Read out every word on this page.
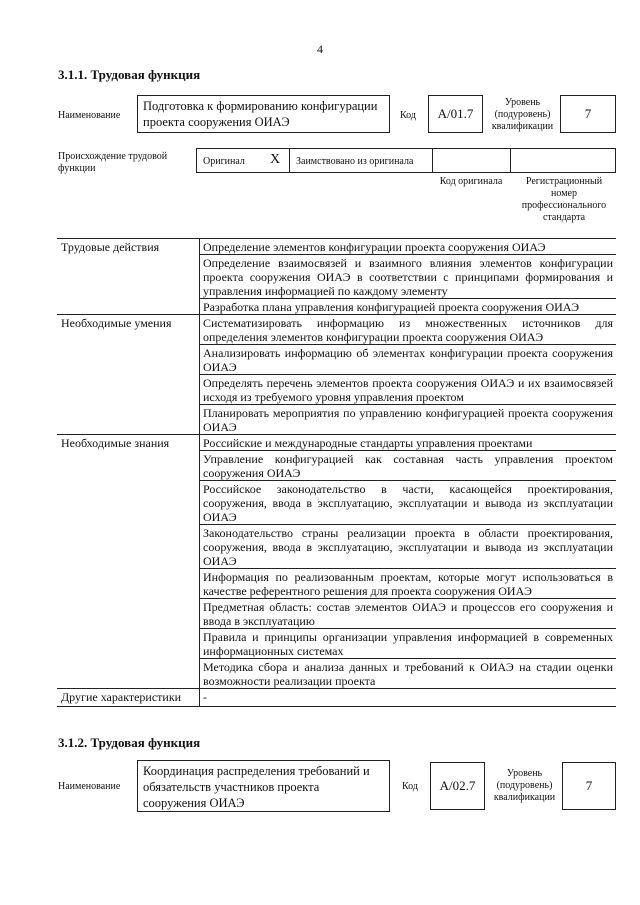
4
3.1.1. Трудовая функция
Наименование
Подготовка к формированию конфигурации проекта сооружения ОИАЭ	Код А/01.7
Уровень (подуровень) квалификации
7
Происхождение трудовой функции
Оригинал X Заимствовано из оригинала
Код оригинала	Регистрационный номер профессионального стандарта
Трудовые действия	Определение элементов конфигурации проекта сооружения ОИАЭ
	Определение взаимосвязей и взаимного влияния элементов конфигурации проекта сооружения ОИАЭ в соответствии с принципами формирования и управления информацией по каждому элементу
	Разработка плана управления конфигурацией проекта сооружения ОИАЭ
Необходимые умения	Систематизировать информацию из множественных источников для определения элементов конфигурации проекта сооружения ОИАЭ
	Анализировать информацию об элементах конфигурации проекта сооружения ОИАЭ
	Определять перечень элементов проекта сооружения ОИАЭ и их взаимосвязей исходя из требуемого уровня управления проектом
	Планировать мероприятия по управлению конфигурацией проекта сооружения ОИАЭ
Необходимые знания	Российские и международные стандарты управления проектами
	Управление конфигурацией как составная часть управления проектом сооружения ОИАЭ
	Российское законодательство в части, касающейся проектирования, сооружения, ввода в эксплуатацию, эксплуатации и вывода из эксплуатации ОИАЭ
	Законодательство страны реализации проекта в области проектирования, сооружения, ввода в эксплуатацию, эксплуатации и вывода из эксплуатации ОИАЭ
	Информация по реализованным проектам, которые могут использоваться в качестве референтного решения для проекта сооружения ОИАЭ
	Предметная область: состав элементов ОИАЭ и процессов его сооружения и ввода в эксплуатацию
	Правила и принципы организации управления информацией в современных информационных системах
	Методика сбора и анализа данных и требований к ОИАЭ на стадии оценки возможности реализации проекта
Другие характеристики	-
3.1.2. Трудовая функция
Наименование
Координация распределения требований и обязательств участников проекта сооружения ОИАЭ
Код А/02.7
Уровень (подуровень) квалификации
7
